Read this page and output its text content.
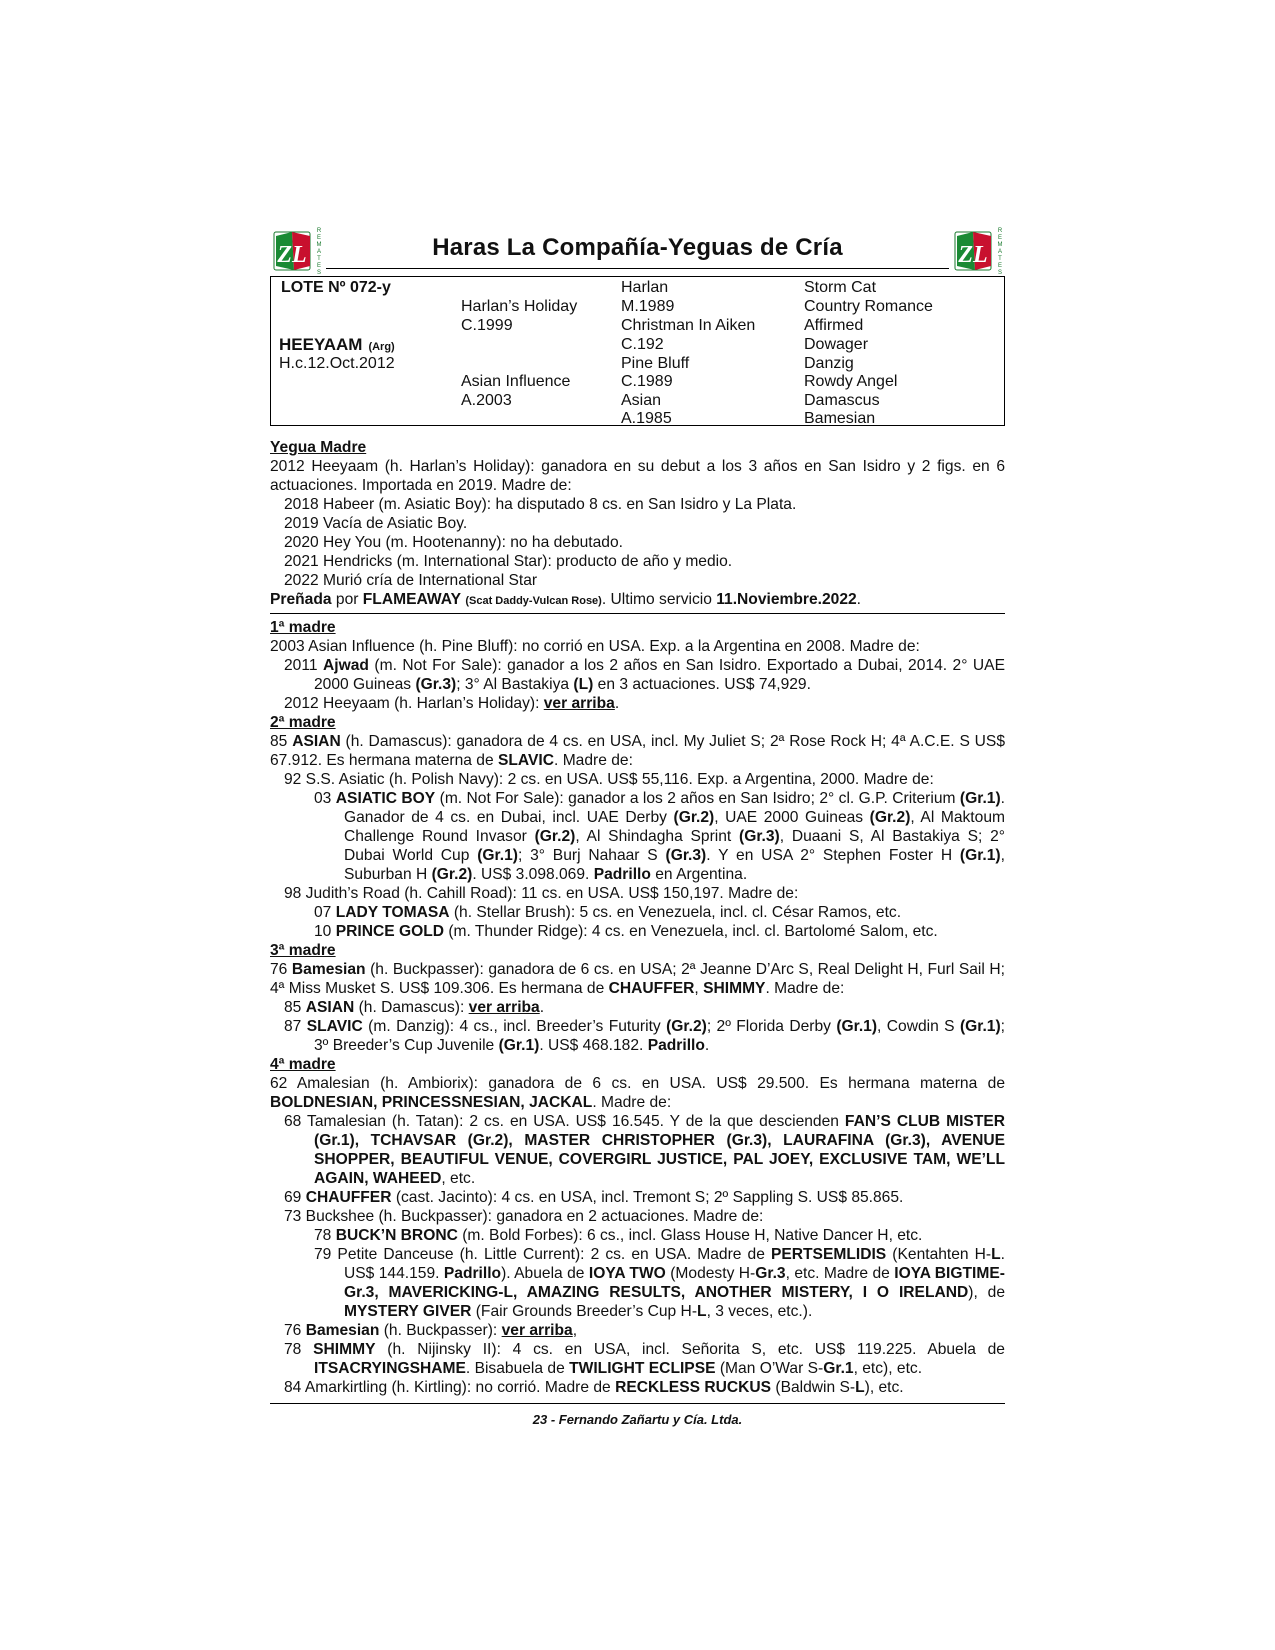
ZL
R
E
M
A
T
E
S
Haras La Compañía-Yeguas de Cría	ZL
R
E
M
A
T
E
S
LOTE Nº 072-y
HEEYAAM (Arg)
H.c.12.Oct.2012
Harlan’s Holiday
C.1999
Asian Influence
A.2003
Harlan
M.1989
Christman In Aiken
C.192
Pine Bluff
C.1989
Asian
A.1985
Storm Cat
Country Romance
Affirmed
Dowager
Danzig
Rowdy Angel
Damascus
Bamesian
Yegua Madre
2012 Heeyaam (h. Harlan’s Holiday): ganadora en su debut a los 3 años en San Isidro y 2 figs. en 6 actuaciones. Importada en 2019. Madre de:
2018 Habeer (m. Asiatic Boy): ha disputado 8 cs. en San Isidro y La Plata.
2019 Vacía de Asiatic Boy.
2020 Hey You (m. Hootenanny): no ha debutado.
2021 Hendricks (m. International Star): producto de año y medio.
2022 Murió cría de International Star
Preñada por FLAMEAWAY (Scat Daddy-Vulcan Rose). Ultimo servicio 11.Noviembre.2022.
1ª madre
2003 Asian Influence (h. Pine Bluff): no corrió en USA. Exp. a la Argentina en 2008. Madre de:
2011 Ajwad (m. Not For Sale): ganador a los 2 años en San Isidro. Exportado a Dubai, 2014. 2° UAE 2000 Guineas (Gr.3); 3° Al Bastakiya (L) en 3 actuaciones. US$ 74,929.
2012 Heeyaam (h. Harlan’s Holiday): ver arriba.
2ª madre
85 ASIAN (h. Damascus): ganadora de 4 cs. en USA, incl. My Juliet S; 2ª Rose Rock H; 4ª A.C.E. S US$ 67.912. Es hermana materna de SLAVIC. Madre de:
92 S.S. Asiatic (h. Polish Navy): 2 cs. en USA. US$ 55,116. Exp. a Argentina, 2000. Madre de:
03 ASIATIC BOY (m. Not For Sale): ganador a los 2 años en San Isidro; 2° cl. G.P. Criterium (Gr.1). Ganador de 4 cs. en Dubai, incl. UAE Derby (Gr.2), UAE 2000 Guineas (Gr.2), Al Maktoum Challenge Round Invasor (Gr.2), Al Shindagha Sprint (Gr.3), Duaani S, Al Bastakiya S; 2° Dubai World Cup (Gr.1); 3° Burj Nahaar S (Gr.3). Y en USA 2° Stephen Foster H (Gr.1), Suburban H (Gr.2). US$ 3.098.069. Padrillo en Argentina.
98 Judith’s Road (h. Cahill Road): 11 cs. en USA. US$ 150,197. Madre de:
07 LADY TOMASA (h. Stellar Brush): 5 cs. en Venezuela, incl. cl. César Ramos, etc.
10 PRINCE GOLD (m. Thunder Ridge): 4 cs. en Venezuela, incl. cl. Bartolomé Salom, etc.
3ª madre
76 Bamesian (h. Buckpasser): ganadora de 6 cs. en USA; 2ª Jeanne D’Arc S, Real Delight H, Furl Sail H; 4ª Miss Musket S. US$ 109.306. Es hermana de CHAUFFER, SHIMMY. Madre de:
85 ASIAN (h. Damascus): ver arriba.
87 SLAVIC (m. Danzig): 4 cs., incl. Breeder’s Futurity (Gr.2); 2º Florida Derby (Gr.1), Cowdin S (Gr.1); 3º Breeder’s Cup Juvenile (Gr.1). US$ 468.182. Padrillo.
4ª madre
62 Amalesian (h. Ambiorix): ganadora de 6 cs. en USA. US$ 29.500. Es hermana materna de BOLDNESIAN, PRINCESSNESIAN, JACKAL. Madre de:
68 Tamalesian (h. Tatan): 2 cs. en USA. US$ 16.545. Y de la que descienden FAN’S CLUB MISTER (Gr.1), TCHAVSAR (Gr.2), MASTER CHRISTOPHER (Gr.3), LAURAFINA (Gr.3), AVENUE SHOPPER, BEAUTIFUL VENUE, COVERGIRL JUSTICE, PAL JOEY, EXCLUSIVE TAM, WE’LL AGAIN, WAHEED, etc.
69 CHAUFFER (cast. Jacinto): 4 cs. en USA, incl. Tremont S; 2º Sappling S. US$ 85.865.
73 Buckshee (h. Buckpasser): ganadora en 2 actuaciones. Madre de:
78 BUCK’N BRONC (m. Bold Forbes): 6 cs., incl. Glass House H, Native Dancer H, etc.
79 Petite Danceuse (h. Little Current): 2 cs. en USA. Madre de PERTSEMLIDIS (Kentahten H-L. US$ 144.159. Padrillo). Abuela de IOYA TWO (Modesty H-Gr.3, etc. Madre de IOYA BIGTIME-Gr.3, MAVERICKING-L, AMAZING RESULTS, ANOTHER MISTERY, I O IRELAND), de MYSTERY GIVER (Fair Grounds Breeder’s Cup H-L, 3 veces, etc.).
76 Bamesian (h. Buckpasser): ver arriba,
78 SHIMMY (h. Nijinsky II): 4 cs. en USA, incl. Señorita S, etc. US$ 119.225. Abuela de ITSACRYINGSHAME. Bisabuela de TWILIGHT ECLIPSE (Man O’War S-Gr.1, etc), etc.
84 Amarkirtling (h. Kirtling): no corrió. Madre de RECKLESS RUCKUS (Baldwin S-L), etc.
23 - Fernando Zañartu y Cía. Ltda.
